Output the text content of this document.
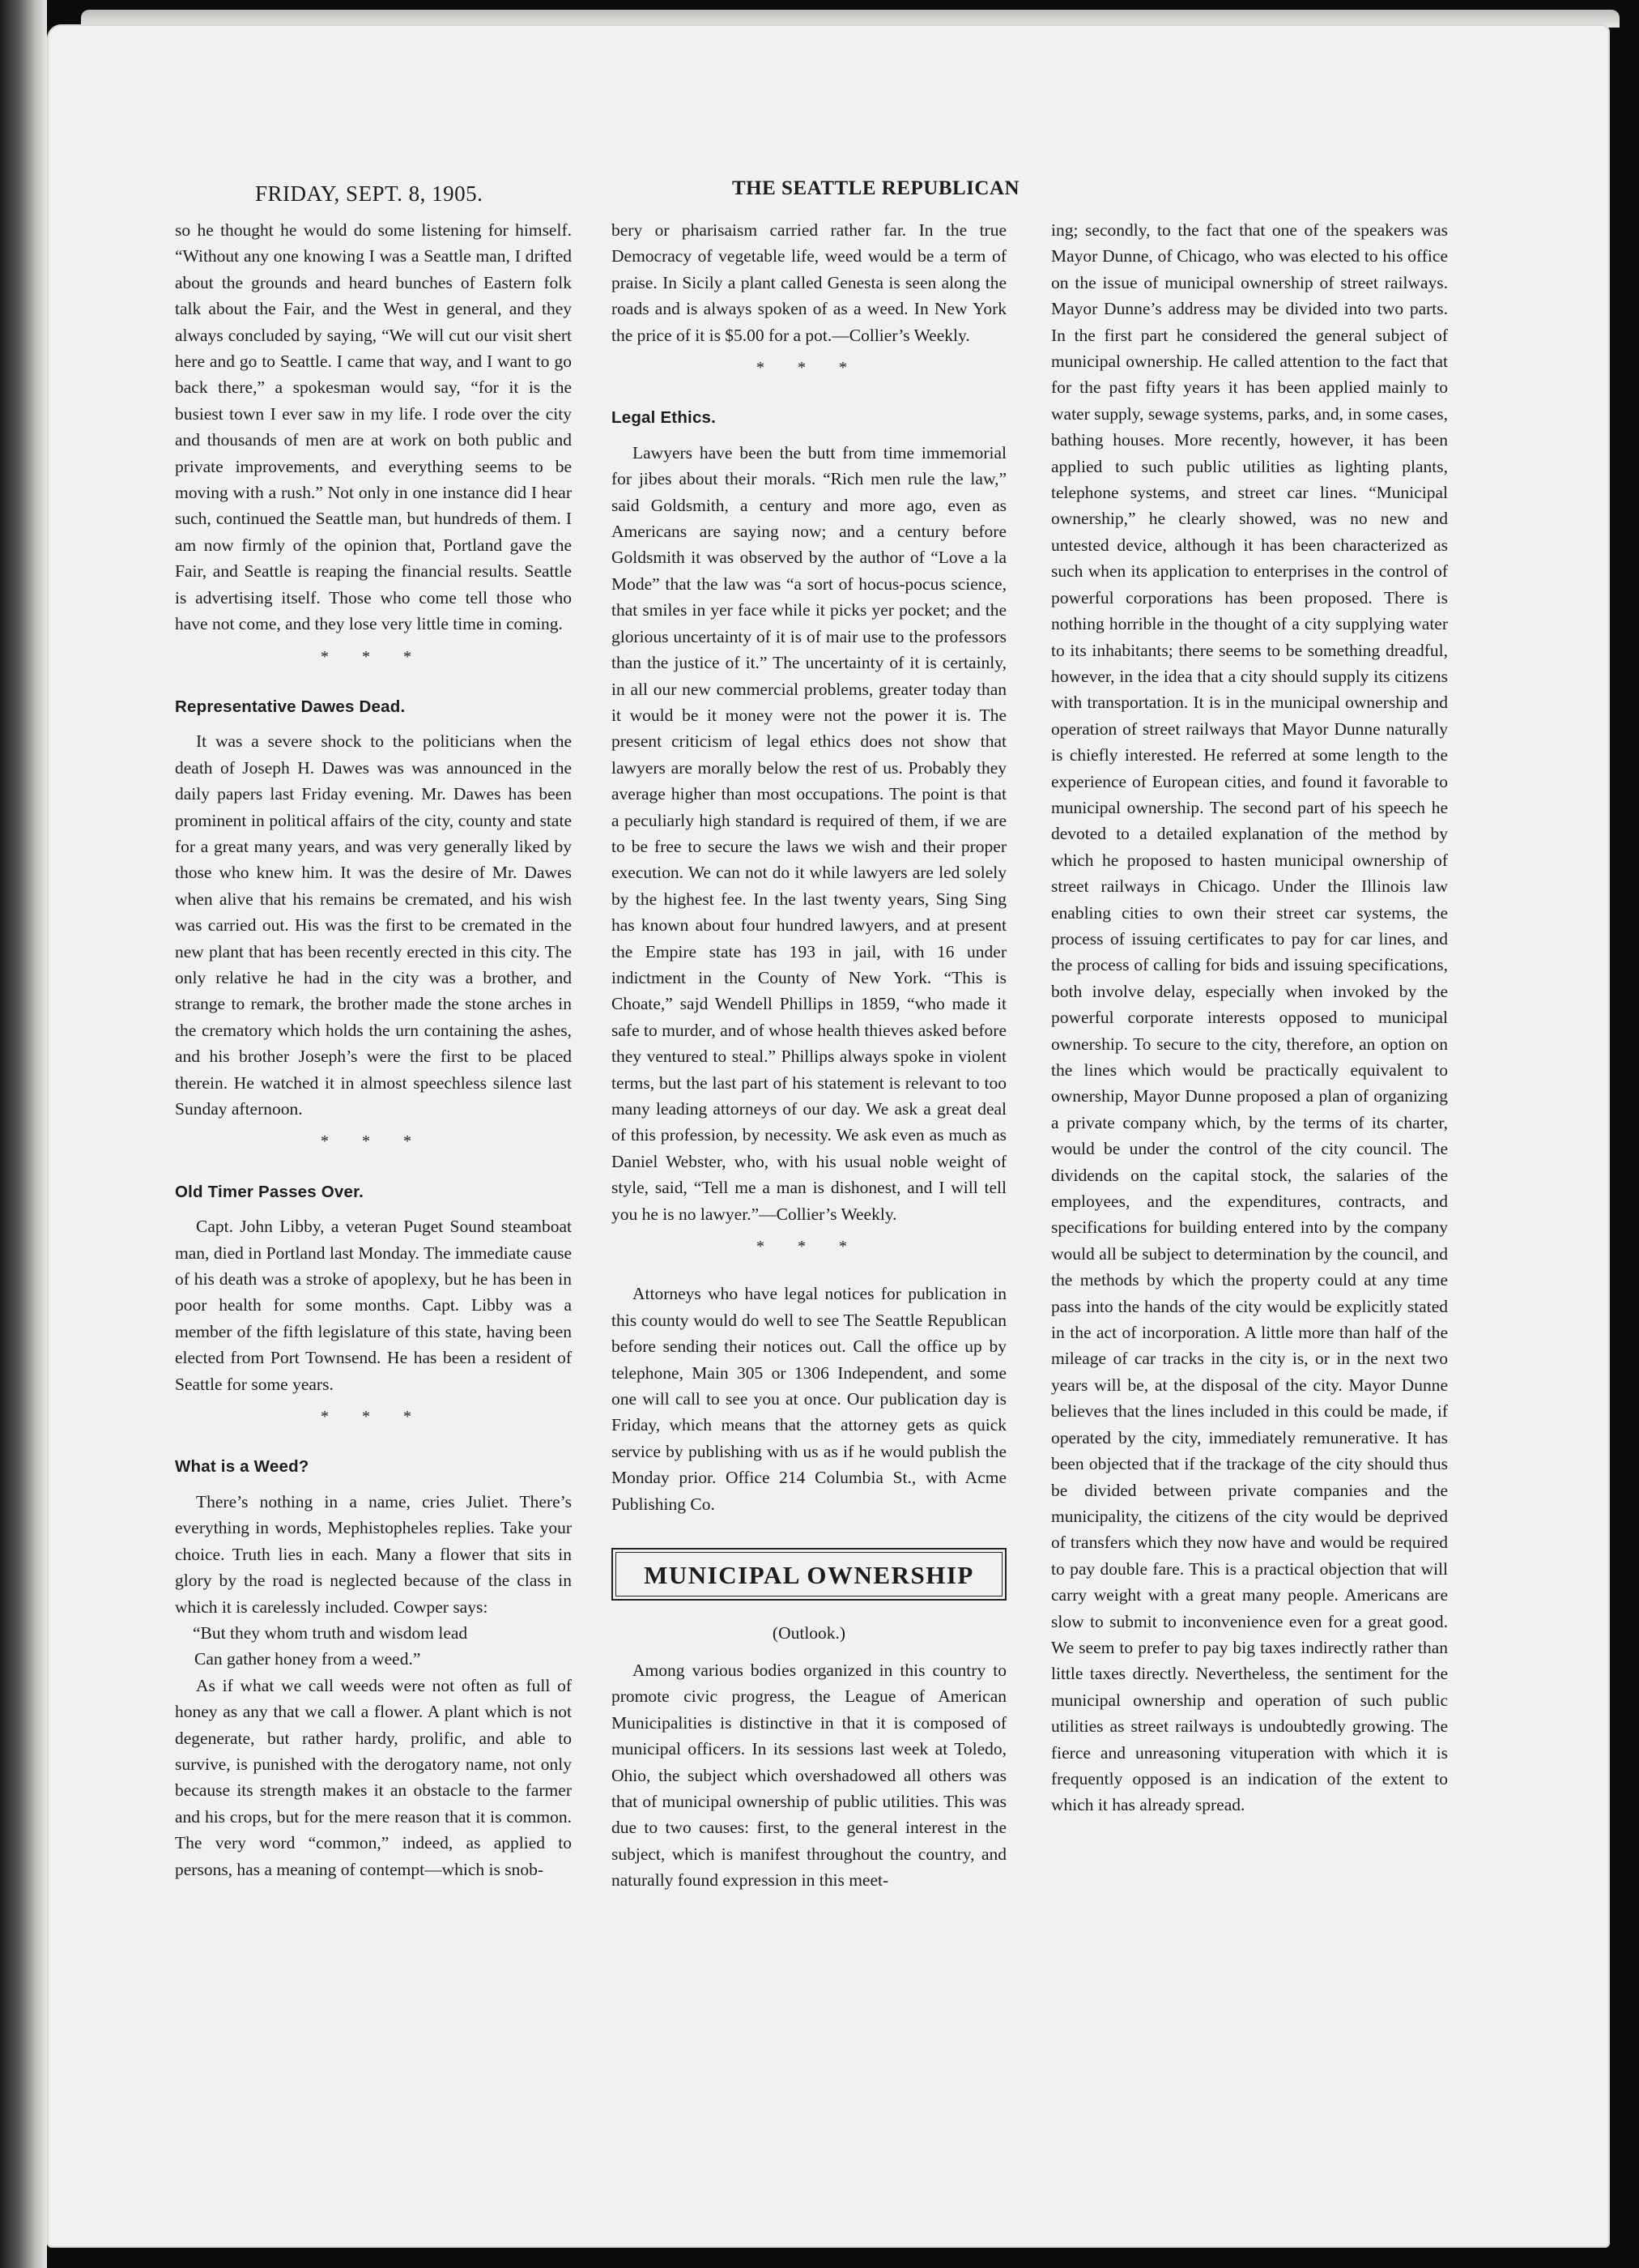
FRIDAY, SEPT. 8, 1905.	THE SEATTLE REPUBLICAN

so he thought he would do some listening for himself. “Without any one knowing I was a Seattle man, I drifted about the grounds and heard bunches of Eastern folk talk about the Fair, and the West in general, and they always concluded by saying, “We will cut our visit shert here and go to Seattle. I came that way, and I want to go back there,” a spokesman would say, “for it is the busiest town I ever saw in my life. I rode over the city and thousands of men are at work on both public and private improvements, and everything seems to be moving with a rush.” Not only in one instance did I hear such, continued the Seattle man, but hundreds of them. I am now firmly of the opinion that, Portland gave the Fair, and Seattle is reaping the financial results. Seattle is advertising itself. Those who come tell those who have not come, and they lose very little time in coming.

* * *
Representative Dawes Dead.

It was a severe shock to the politicians when the death of Joseph H. Dawes was was announced in the daily papers last Friday evening. Mr. Dawes has been prominent in political affairs of the city, county and state for a great many years, and was very generally liked by those who knew him. It was the desire of Mr. Dawes when alive that his remains be cremated, and his wish was carried out. His was the first to be cremated in the new plant that has been recently erected in this city. The only relative he had in the city was a brother, and strange to remark, the brother made the stone arches in the crematory which holds the urn containing the ashes, and his brother Joseph’s were the first to be placed therein. He watched it in almost speechless silence last Sunday afternoon.

* * *
Old Timer Passes Over.

Capt. John Libby, a veteran Puget Sound steamboat man, died in Portland last Monday. The immediate cause of his death was a stroke of apoplexy, but he has been in poor health for some months. Capt. Libby was a member of the fifth legislature of this state, having been elected from Port Townsend. He has been a resident of Seattle for some years.

* * *
What is a Weed?

There’s nothing in a name, cries Juliet. There’s everything in words, Mephistopheles replies. Take your choice. Truth lies in each. Many a flower that sits in glory by the road is neglected because of the class in which it is carelessly included. Cowper says:

“But they whom truth and wisdom lead
Can gather honey from a weed.”

As if what we call weeds were not often as full of honey as any that we call a flower. A plant which is not degenerate, but rather hardy, prolific, and able to survive, is punished with the derogatory name, not only because its strength makes it an obstacle to the farmer and his crops, but for the mere reason that it is common. The very word “common,” indeed, as applied to persons, has a meaning of contempt—which is snob-

bery or pharisaism carried rather far. In the true Democracy of vegetable life, weed would be a term of praise. In Sicily a plant called Genesta is seen along the roads and is always spoken of as a weed. In New York the price of it is $5.00 for a pot.—Collier’s Weekly.

* * *
Legal Ethics.

Lawyers have been the butt from time immemorial for jibes about their morals. “Rich men rule the law,” said Goldsmith, a century and more ago, even as Americans are saying now; and a century before Goldsmith it was observed by the author of “Love a la Mode” that the law was “a sort of hocus-pocus science, that smiles in yer face while it picks yer pocket; and the glorious uncertainty of it is of mair use to the professors than the justice of it.” The uncertainty of it is certainly, in all our new commercial problems, greater today than it would be it money were not the power it is. The present criticism of legal ethics does not show that lawyers are morally below the rest of us. Probably they average higher than most occupations. The point is that a peculiarly high standard is required of them, if we are to be free to secure the laws we wish and their proper execution. We can not do it while lawyers are led solely by the highest fee. In the last twenty years, Sing Sing has known about four hundred lawyers, and at present the Empire state has 193 in jail, with 16 under indictment in the County of New York. “This is Choate,” sajd Wendell Phillips in 1859, “who made it safe to murder, and of whose health thieves asked before they ventured to steal.” Phillips always spoke in violent terms, but the last part of his statement is relevant to too many leading attorneys of our day. We ask a great deal of this profession, by necessity. We ask even as much as Daniel Webster, who, with his usual noble weight of style, said, “Tell me a man is dishonest, and I will tell you he is no lawyer.”—Collier’s Weekly.

* * *

Attorneys who have legal notices for publication in this county would do well to see The Seattle Republican before sending their notices out. Call the office up by telephone, Main 305 or 1306 Independent, and some one will call to see you at once. Our publication day is Friday, which means that the attorney gets as quick service by publishing with us as if he would publish the Monday prior. Office 214 Columbia St., with Acme Publishing Co.

MUNICIPAL OWNERSHIP
(Outlook.)

Among various bodies organized in this country to promote civic progress, the League of American Municipalities is distinctive in that it is composed of municipal officers. In its sessions last week at Toledo, Ohio, the subject which overshadowed all others was that of municipal ownership of public utilities. This was due to two causes: first, to the general interest in the subject, which is manifest throughout the country, and naturally found expression in this meet-

ing; secondly, to the fact that one of the speakers was Mayor Dunne, of Chicago, who was elected to his office on the issue of municipal ownership of street railways. Mayor Dunne’s address may be divided into two parts. In the first part he considered the general subject of municipal ownership. He called attention to the fact that for the past fifty years it has been applied mainly to water supply, sewage systems, parks, and, in some cases, bathing houses. More recently, however, it has been applied to such public utilities as lighting plants, telephone systems, and street car lines. “Municipal ownership,” he clearly showed, was no new and untested device, although it has been characterized as such when its application to enterprises in the control of powerful corporations has been proposed. There is nothing horrible in the thought of a city supplying water to its inhabitants; there seems to be something dreadful, however, in the idea that a city should supply its citizens with transportation. It is in the municipal ownership and operation of street railways that Mayor Dunne naturally is chiefly interested. He referred at some length to the experience of European cities, and found it favorable to municipal ownership. The second part of his speech he devoted to a detailed explanation of the method by which he proposed to hasten municipal ownership of street railways in Chicago. Under the Illinois law enabling cities to own their street car systems, the process of issuing certificates to pay for car lines, and the process of calling for bids and issuing specifications, both involve delay, especially when invoked by the powerful corporate interests opposed to municipal ownership. To secure to the city, therefore, an option on the lines which would be practically equivalent to ownership, Mayor Dunne proposed a plan of organizing a private company which, by the terms of its charter, would be under the control of the city council. The dividends on the capital stock, the salaries of the employees, and the expenditures, contracts, and specifications for building entered into by the company would all be subject to determination by the council, and the methods by which the property could at any time pass into the hands of the city would be explicitly stated in the act of incorporation. A little more than half of the mileage of car tracks in the city is, or in the next two years will be, at the disposal of the city. Mayor Dunne believes that the lines included in this could be made, if operated by the city, immediately remunerative. It has been objected that if the trackage of the city should thus be divided between private companies and the municipality, the citizens of the city would be deprived of transfers which they now have and would be required to pay double fare. This is a practical objection that will carry weight with a great many people. Americans are slow to submit to inconvenience even for a great good. We seem to prefer to pay big taxes indirectly rather than little taxes directly. Nevertheless, the sentiment for the municipal ownership and operation of such public utilities as street railways is undoubtedly growing. The fierce and unreasoning vituperation with which it is frequently opposed is an indication of the extent to which it has already spread.
